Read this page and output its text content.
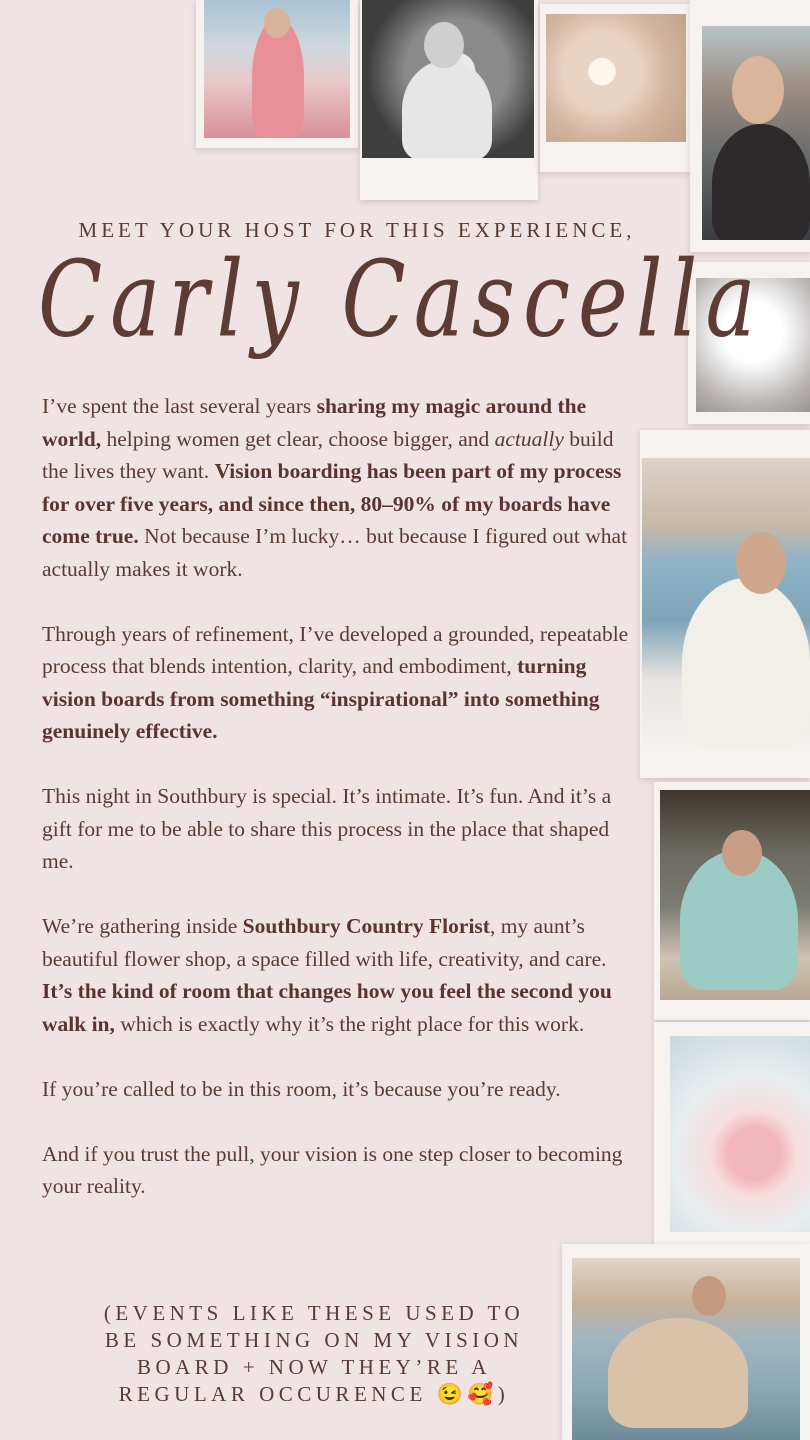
MEET YOUR HOST FOR THIS EXPERIENCE,
Carly Cascella

I’ve spent the last several years sharing my magic around the world, helping women get clear, choose bigger, and actually build the lives they want. Vision boarding has been part of my process for over five years, and since then, 80–90% of my boards have come true. Not because I’m lucky… but because I figured out what actually makes it work.

Through years of refinement, I’ve developed a grounded, repeatable process that blends intention, clarity, and embodiment, turning vision boards from something “inspirational” into something genuinely effective.

This night in Southbury is special. It’s intimate. It’s fun. And it’s a gift for me to be able to share this process in the place that shaped me.

We’re gathering inside Southbury Country Florist, my aunt’s beautiful flower shop, a space filled with life, creativity, and care. It’s the kind of room that changes how you feel the second you walk in, which is exactly why it’s the right place for this work.

If you’re called to be in this room, it’s because you’re ready.

And if you trust the pull, your vision is one step closer to becoming your reality.

(EVENTS LIKE THESE USED TO BE SOMETHING ON MY VISION BOARD + NOW THEY’RE A REGULAR OCCURENCE 😉🥰)
